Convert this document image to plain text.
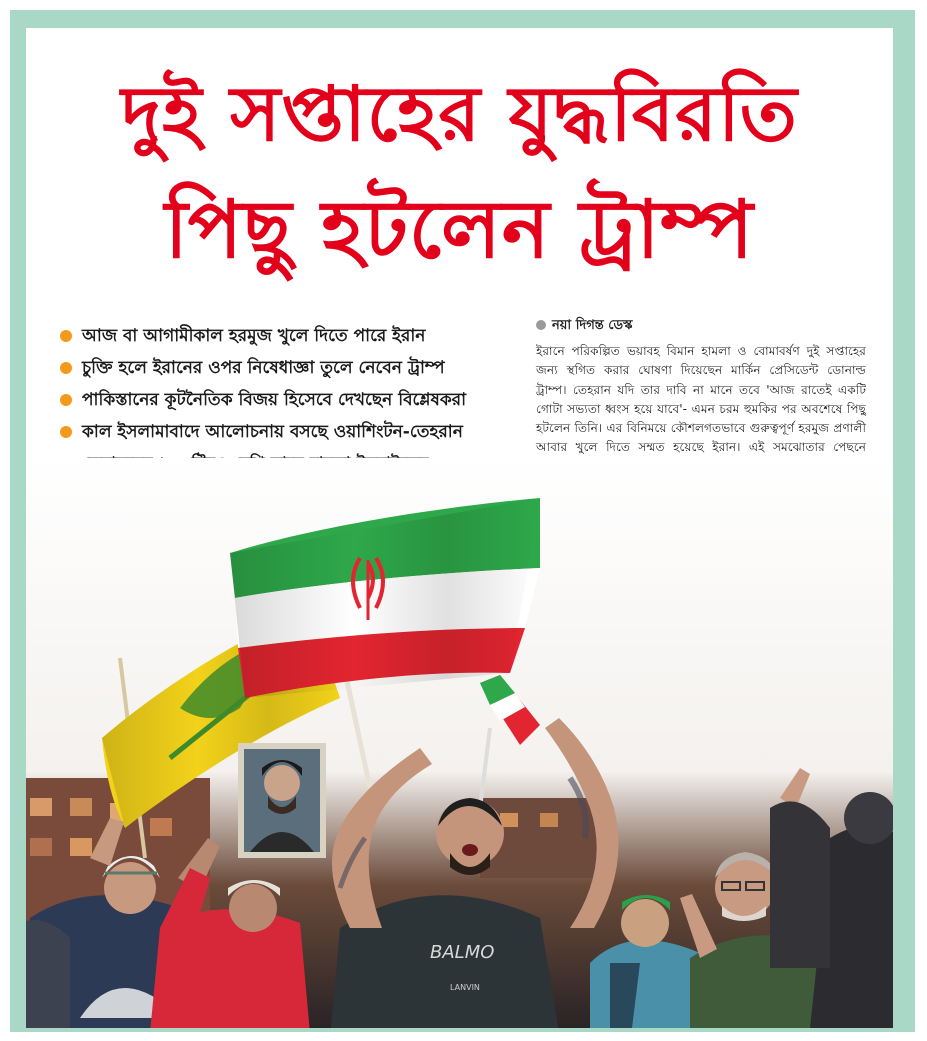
দুই সপ্তাহের যুদ্ধবিরতি
পিছু হটলেন ট্রাম্প
আজ বা আগামীকাল হরমুজ খুলে দিতে পারে ইরান
চুক্তি হলে ইরানের ওপর নিষেধাজ্ঞা তুলে নেবেন ট্রাম্প
পাকিস্তানের কূটনৈতিক বিজয় হিসেবে দেখছেন বিশ্লেষকরা
কাল ইসলামাবাদে আলোচনায় বসছে ওয়াশিংটন-তেহরান
নয়া দিগন্ত ডেস্ক

ইরানে পরিকল্পিত ভয়াবহ বিমান হামলা ও বোমাবর্ষণ দুই সপ্তাহের জন্য স্থগিত করার ঘোষণা দিয়েছেন মার্কিন প্রেসিডেন্ট ডোনাল্ড ট্রাম্প। তেহরান যদি তার দাবি না মানে তবে 'আজ রাতেই একটি গোটা সভ্যতা ধ্বংস হয়ে যাবে'- এমন চরম হুমকির পর অবশেষে পিছু হটলেন তিনি। এর বিনিময়ে কৌশলগতভাবে গুরুত্বপূর্ণ হরমুজ প্রণালী আবার খুলে দিতে সম্মত হয়েছে ইরান। এই সমঝোতার পেছনে

BALMO
LANVIN
